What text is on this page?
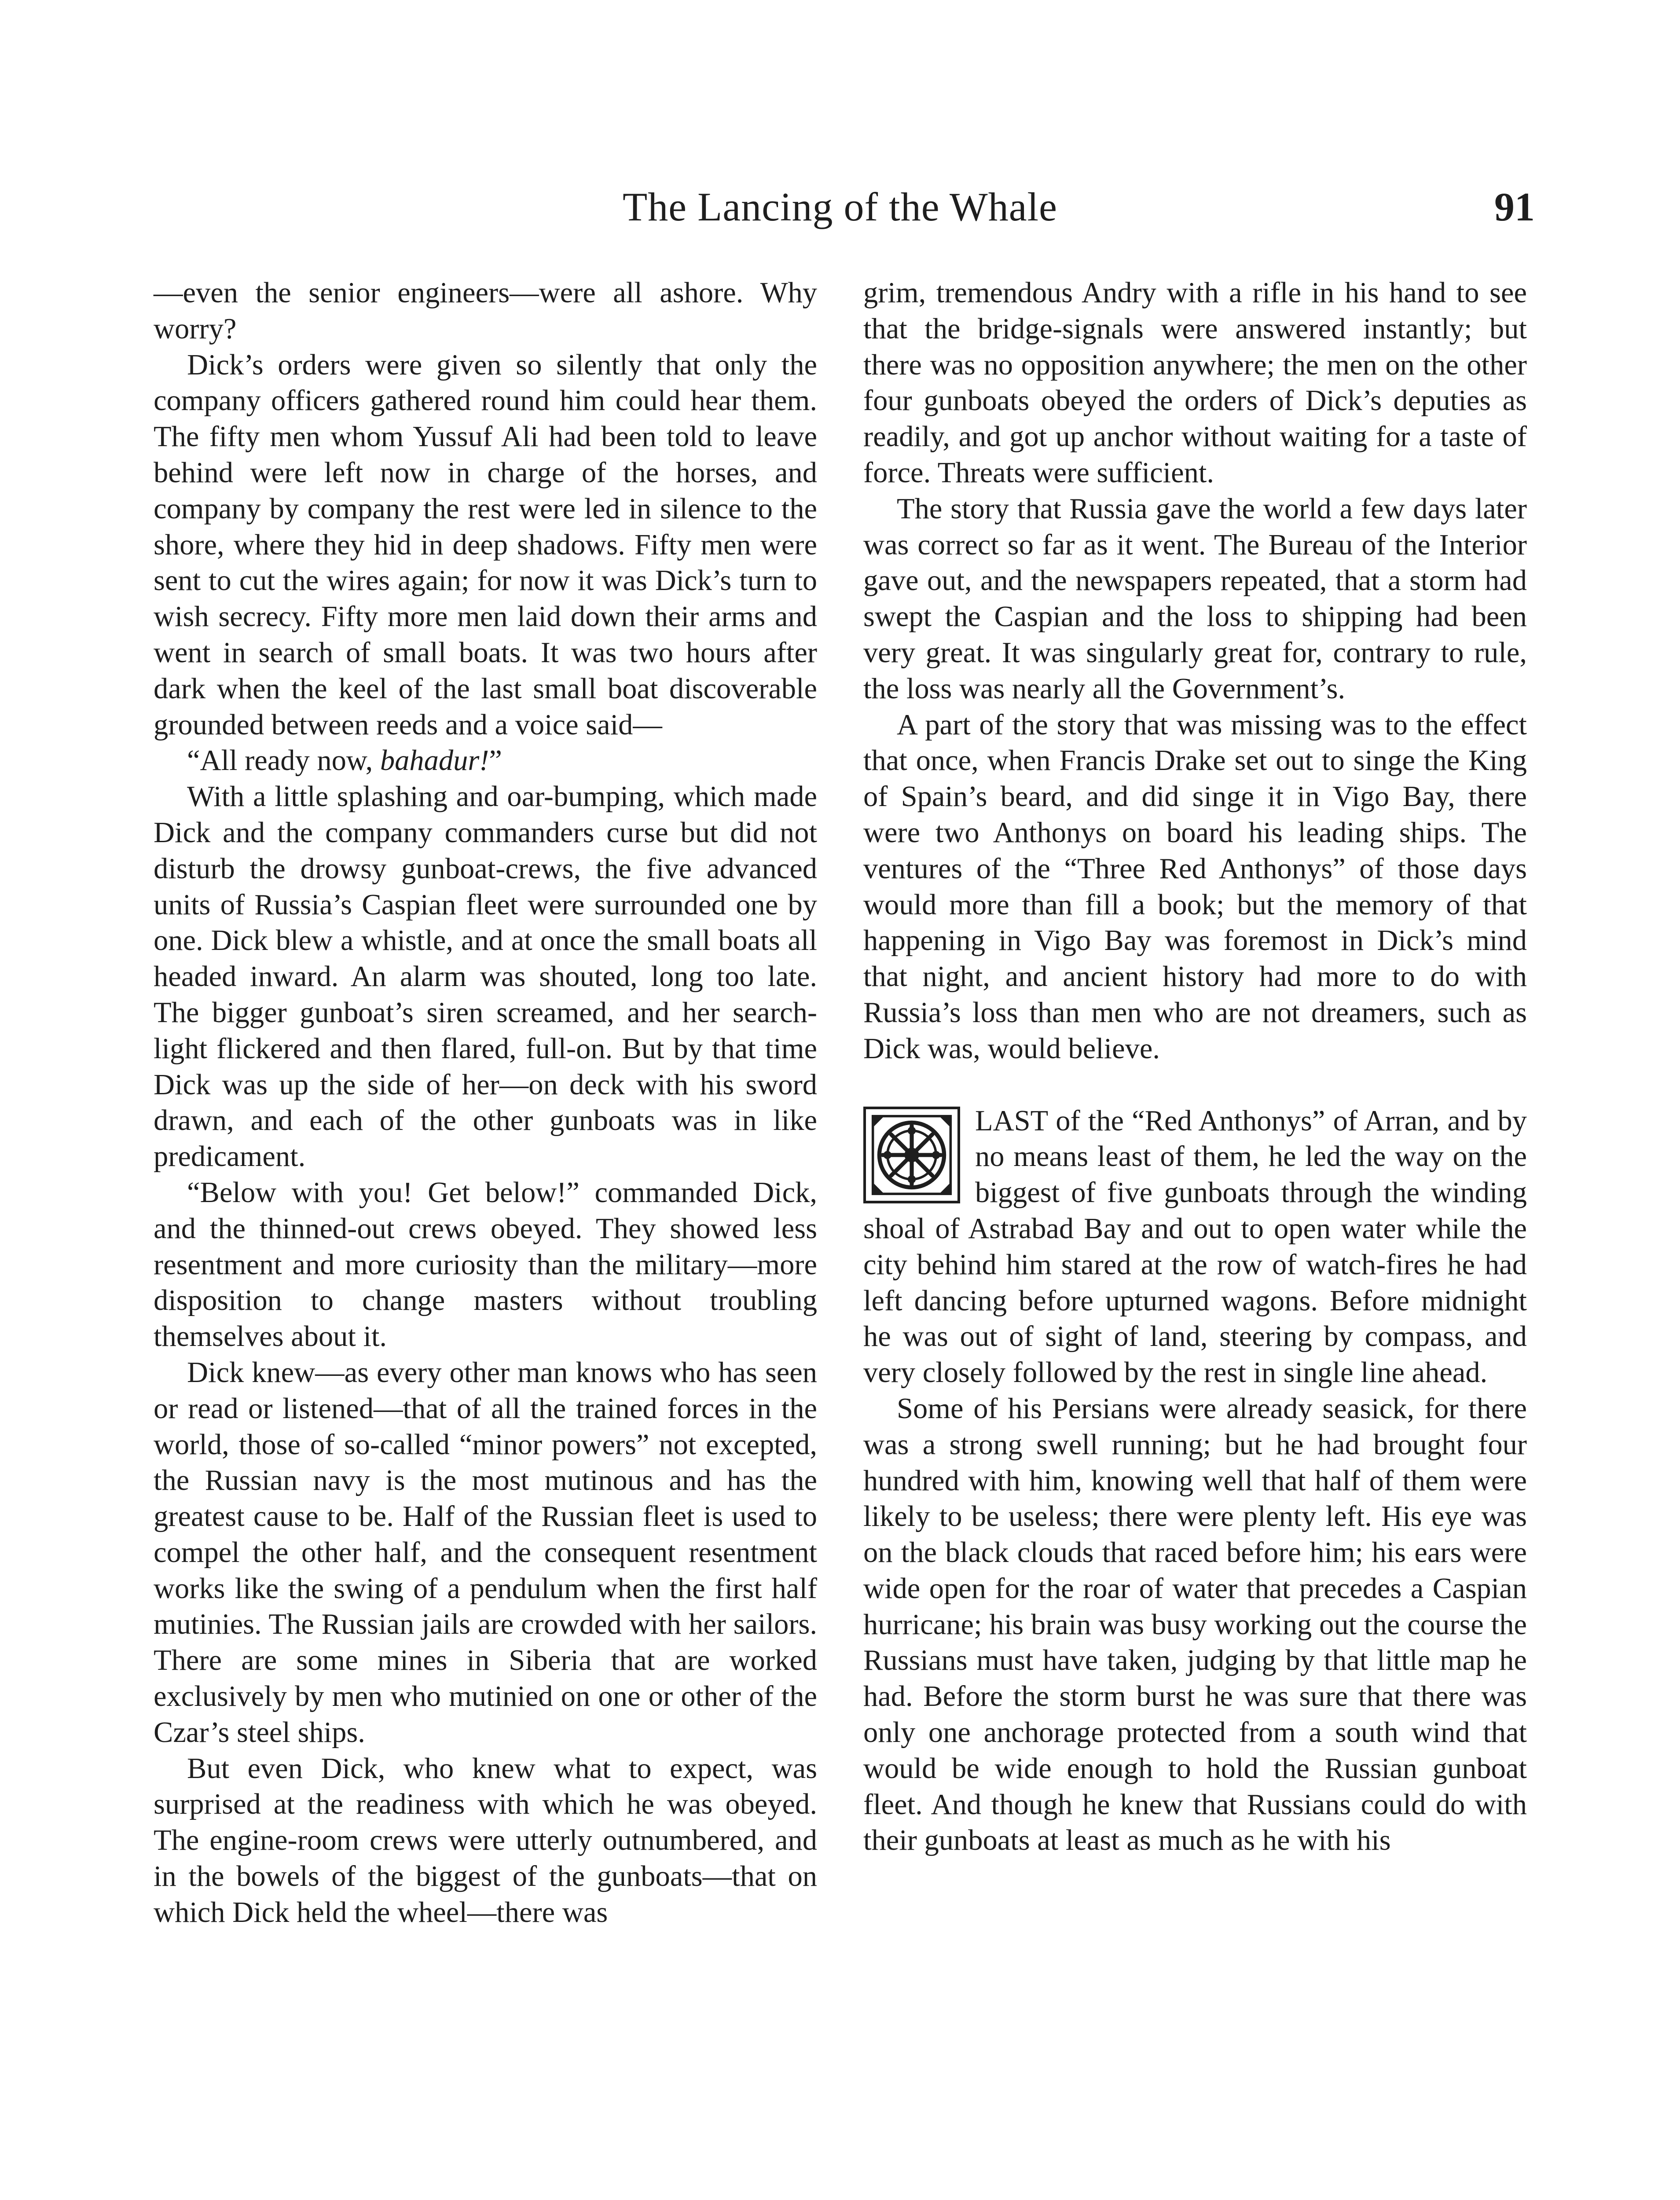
The Lancing of the Whale	91

—even the senior engineers—were all ashore. Why worry?

Dick’s orders were given so silently that only the company officers gathered round him could hear them. The fifty men whom Yussuf Ali had been told to leave behind were left now in charge of the horses, and company by company the rest were led in silence to the shore, where they hid in deep shadows. Fifty men were sent to cut the wires again; for now it was Dick’s turn to wish secrecy. Fifty more men laid down their arms and went in search of small boats. It was two hours after dark when the keel of the last small boat discoverable grounded between reeds and a voice said—

“All ready now, bahadur!”

With a little splashing and oar-bumping, which made Dick and the company commanders curse but did not disturb the drowsy gunboat-crews, the five advanced units of Russia’s Caspian fleet were surrounded one by one. Dick blew a whistle, and at once the small boats all headed inward. An alarm was shouted, long too late. The bigger gunboat’s siren screamed, and her search-light flickered and then flared, full-on. But by that time Dick was up the side of her—on deck with his sword drawn, and each of the other gunboats was in like predicament.

“Below with you! Get below!” commanded Dick, and the thinned-out crews obeyed. They showed less resentment and more curiosity than the military—more disposition to change masters without troubling themselves about it.

Dick knew—as every other man knows who has seen or read or listened—that of all the trained forces in the world, those of so-called “minor powers” not excepted, the Russian navy is the most mutinous and has the greatest cause to be. Half of the Russian fleet is used to compel the other half, and the consequent resentment works like the swing of a pendulum when the first half mutinies. The Russian jails are crowded with her sailors. There are some mines in Siberia that are worked exclusively by men who mutinied on one or other of the Czar’s steel ships.

But even Dick, who knew what to expect, was surprised at the readiness with which he was obeyed. The engine-room crews were utterly outnumbered, and in the bowels of the biggest of the gunboats—that on which Dick held the wheel—there was

grim, tremendous Andry with a rifle in his hand to see that the bridge-signals were answered instantly; but there was no opposition anywhere; the men on the other four gunboats obeyed the orders of Dick’s deputies as readily, and got up anchor without waiting for a taste of force. Threats were sufficient.

The story that Russia gave the world a few days later was correct so far as it went. The Bureau of the Interior gave out, and the newspapers repeated, that a storm had swept the Caspian and the loss to shipping had been very great. It was singularly great for, contrary to rule, the loss was nearly all the Government’s.

A part of the story that was missing was to the effect that once, when Francis Drake set out to singe the King of Spain’s beard, and did singe it in Vigo Bay, there were two Anthonys on board his leading ships. The ventures of the “Three Red Anthonys” of those days would more than fill a book; but the memory of that happening in Vigo Bay was foremost in Dick’s mind that night, and ancient history had more to do with Russia’s loss than men who are not dreamers, such as Dick was, would believe.

LAST of the “Red Anthonys” of Arran, and by no means least of them, he led the way on the biggest of five gunboats through the winding shoal of Astrabad Bay and out to open water while the city behind him stared at the row of watch-fires he had left dancing before upturned wagons. Before midnight he was out of sight of land, steering by compass, and very closely followed by the rest in single line ahead.

Some of his Persians were already seasick, for there was a strong swell running; but he had brought four hundred with him, knowing well that half of them were likely to be useless; there were plenty left. His eye was on the black clouds that raced before him; his ears were wide open for the roar of water that precedes a Caspian hurricane; his brain was busy working out the course the Russians must have taken, judging by that little map he had. Before the storm burst he was sure that there was only one anchorage protected from a south wind that would be wide enough to hold the Russian gunboat fleet. And though he knew that Russians could do with their gunboats at least as much as he with his
